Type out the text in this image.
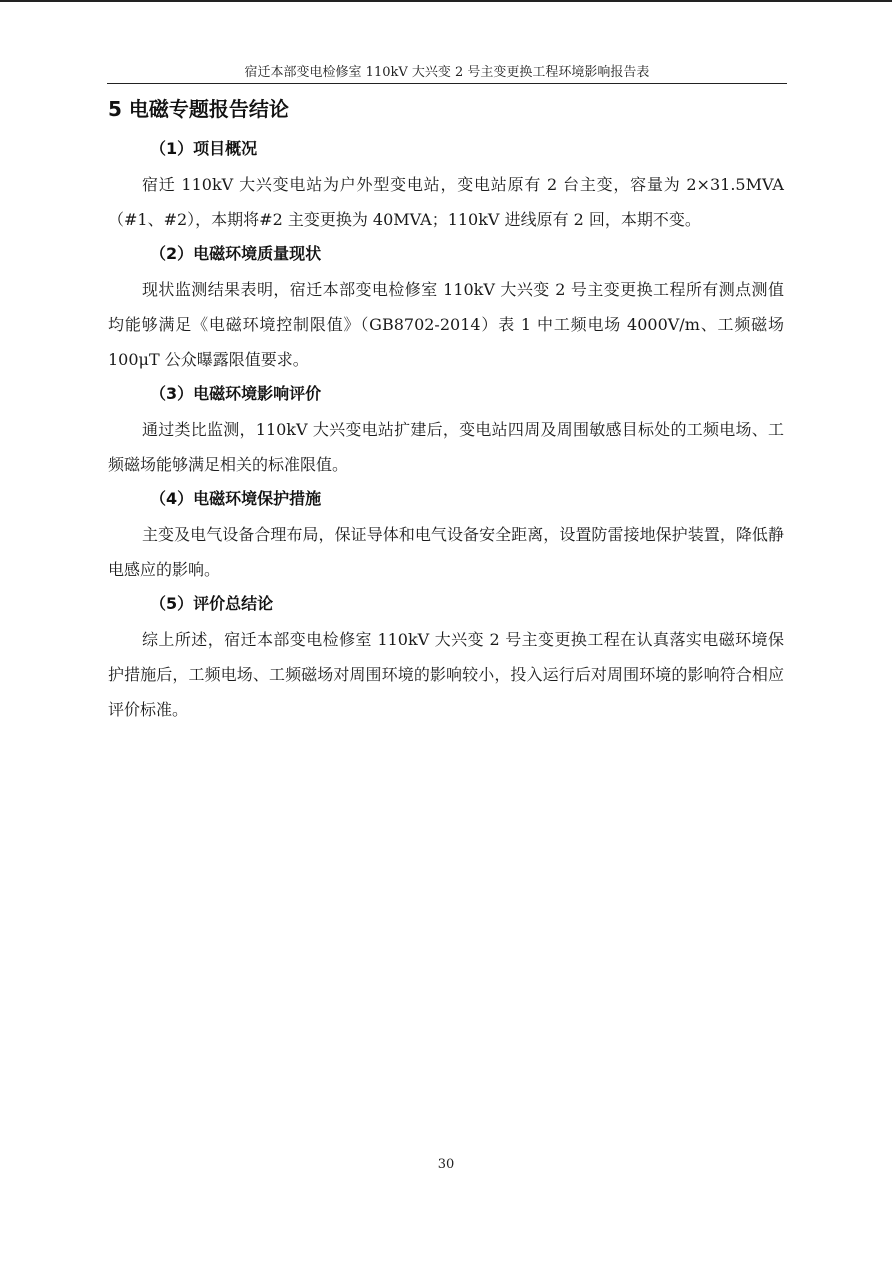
宿迁本部变电检修室 110kV 大兴变 2 号主变更换工程环境影响报告表
5 电磁专题报告结论
（1）项目概况
宿迁 110kV 大兴变电站为户外型变电站，变电站原有 2 台主变，容量为 2×31.5MVA（#1、#2），本期将#2 主变更换为 40MVA；110kV 进线原有 2 回，本期不变。
（2）电磁环境质量现状
现状监测结果表明，宿迁本部变电检修室 110kV 大兴变 2 号主变更换工程所有测点测值均能够满足《电磁环境控制限值》（GB8702-2014）表 1 中工频电场 4000V/m、工频磁场 100μT 公众曝露限值要求。
（3）电磁环境影响评价
通过类比监测，110kV 大兴变电站扩建后，变电站四周及周围敏感目标处的工频电场、工频磁场能够满足相关的标准限值。
（4）电磁环境保护措施
主变及电气设备合理布局，保证导体和电气设备安全距离，设置防雷接地保护装置，降低静电感应的影响。
（5）评价总结论
综上所述，宿迁本部变电检修室 110kV 大兴变 2 号主变更换工程在认真落实电磁环境保护措施后，工频电场、工频磁场对周围环境的影响较小，投入运行后对周围环境的影响符合相应评价标准。
30
